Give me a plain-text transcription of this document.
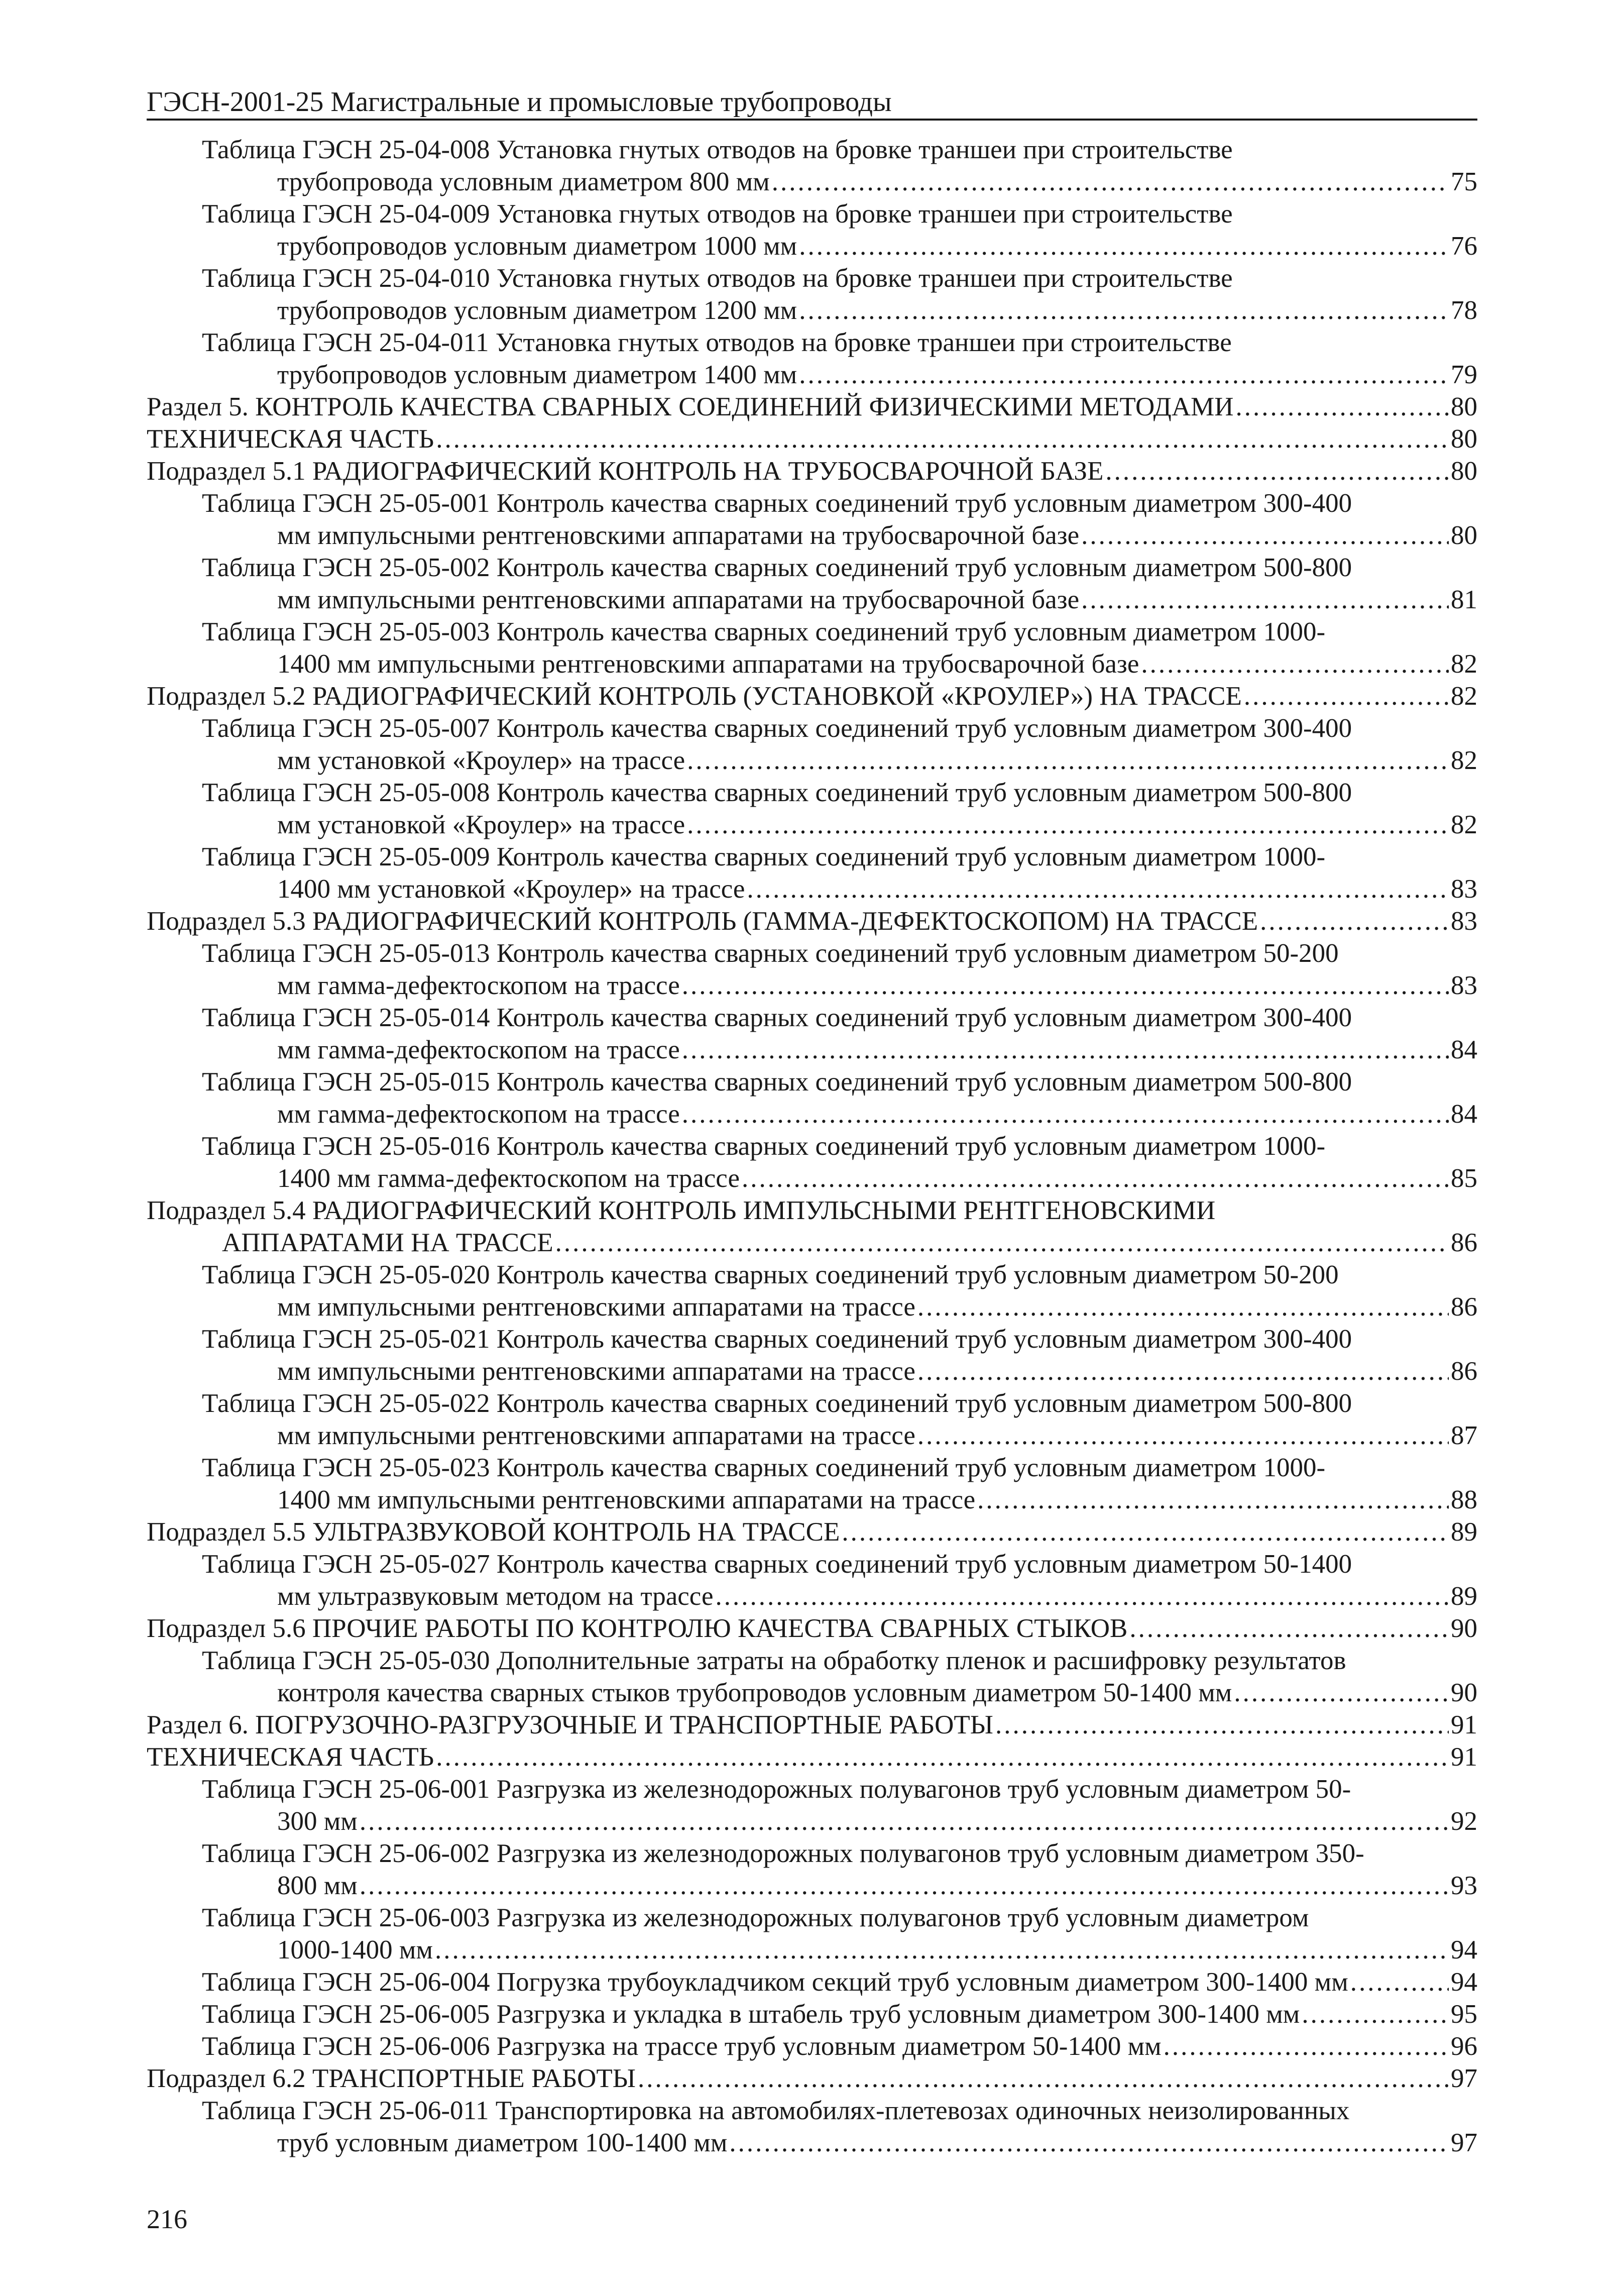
ГЭСН-2001-25 Магистральные и промысловые трубопроводы
Таблица ГЭСН 25-04-008 Установка гнутых отводов на бровке траншеи при строительстве
трубопровода условным диаметром 800 мм .....	75
Таблица ГЭСН 25-04-009 Установка гнутых отводов на бровке траншеи при строительстве
трубопроводов условным диаметром 1000 мм .....	76
Таблица ГЭСН 25-04-010 Установка гнутых отводов на бровке траншеи при строительстве
трубопроводов условным диаметром 1200 мм .....	78
Таблица ГЭСН 25-04-011 Установка гнутых отводов на бровке траншеи при строительстве
трубопроводов условным диаметром 1400 мм .....	79
Раздел 5. КОНТРОЛЬ КАЧЕСТВА СВАРНЫХ СОЕДИНЕНИЙ ФИЗИЧЕСКИМИ МЕТОДАМИ .....	80
ТЕХНИЧЕСКАЯ ЧАСТЬ .....	80
Подраздел 5.1 РАДИОГРАФИЧЕСКИЙ КОНТРОЛЬ НА ТРУБОСВАРОЧНОЙ БАЗЕ .....	80
Таблица ГЭСН 25-05-001 Контроль качества сварных соединений труб условным диаметром 300-400
мм импульсными рентгеновскими аппаратами на трубосварочной базе .....	80
Таблица ГЭСН 25-05-002 Контроль качества сварных соединений труб условным диаметром 500-800
мм импульсными рентгеновскими аппаратами на трубосварочной базе .....	81
Таблица ГЭСН 25-05-003 Контроль качества сварных соединений труб условным диаметром 1000-
1400 мм импульсными рентгеновскими аппаратами на трубосварочной базе .....	82
Подраздел 5.2 РАДИОГРАФИЧЕСКИЙ КОНТРОЛЬ (УСТАНОВКОЙ «КРОУЛЕР») НА ТРАССЕ .....	82
Таблица ГЭСН 25-05-007 Контроль качества сварных соединений труб условным диаметром 300-400
мм установкой «Кроулер» на трассе .....	82
Таблица ГЭСН 25-05-008 Контроль качества сварных соединений труб условным диаметром 500-800
мм установкой «Кроулер» на трассе .....	82
Таблица ГЭСН 25-05-009 Контроль качества сварных соединений труб условным диаметром 1000-
1400 мм установкой «Кроулер» на трассе .....	83
Подраздел 5.3 РАДИОГРАФИЧЕСКИЙ КОНТРОЛЬ (ГАММА-ДЕФЕКТОСКОПОМ) НА ТРАССЕ .....	83
Таблица ГЭСН 25-05-013 Контроль качества сварных соединений труб условным диаметром 50-200
мм гамма-дефектоскопом на трассе .....	83
Таблица ГЭСН 25-05-014 Контроль качества сварных соединений труб условным диаметром 300-400
мм гамма-дефектоскопом на трассе .....	84
Таблица ГЭСН 25-05-015 Контроль качества сварных соединений труб условным диаметром 500-800
мм гамма-дефектоскопом на трассе .....	84
Таблица ГЭСН 25-05-016 Контроль качества сварных соединений труб условным диаметром 1000-
1400 мм гамма-дефектоскопом на трассе .....	85
Подраздел 5.4 РАДИОГРАФИЧЕСКИЙ КОНТРОЛЬ ИМПУЛЬСНЫМИ РЕНТГЕНОВСКИМИ
АППАРАТАМИ НА ТРАССЕ .....	86
Таблица ГЭСН 25-05-020 Контроль качества сварных соединений труб условным диаметром 50-200
мм импульсными рентгеновскими аппаратами на трассе .....	86
Таблица ГЭСН 25-05-021 Контроль качества сварных соединений труб условным диаметром 300-400
мм импульсными рентгеновскими аппаратами на трассе .....	86
Таблица ГЭСН 25-05-022 Контроль качества сварных соединений труб условным диаметром 500-800
мм импульсными рентгеновскими аппаратами на трассе .....	87
Таблица ГЭСН 25-05-023 Контроль качества сварных соединений труб условным диаметром 1000-
1400 мм импульсными рентгеновскими аппаратами на трассе .....	88
Подраздел 5.5 УЛЬТРАЗВУКОВОЙ КОНТРОЛЬ НА ТРАССЕ .....	89
Таблица ГЭСН 25-05-027 Контроль качества сварных соединений труб условным диаметром 50-1400
мм ультразвуковым методом на трассе .....	89
Подраздел 5.6 ПРОЧИЕ РАБОТЫ ПО КОНТРОЛЮ КАЧЕСТВА СВАРНЫХ СТЫКОВ .....	90
Таблица ГЭСН 25-05-030 Дополнительные затраты на обработку пленок и расшифровку результатов
контроля качества сварных стыков трубопроводов условным диаметром 50-1400 мм .....	90
Раздел 6. ПОГРУЗОЧНО-РАЗГРУЗОЧНЫЕ И ТРАНСПОРТНЫЕ РАБОТЫ .....	91
ТЕХНИЧЕСКАЯ ЧАСТЬ .....	91
Таблица ГЭСН 25-06-001 Разгрузка из железнодорожных полувагонов труб условным диаметром 50-
300 мм .....	92
Таблица ГЭСН 25-06-002 Разгрузка из железнодорожных полувагонов труб условным диаметром 350-
800 мм .....	93
Таблица ГЭСН 25-06-003 Разгрузка из железнодорожных полувагонов труб условным диаметром
1000-1400 мм .....	94
Таблица ГЭСН 25-06-004 Погрузка трубоукладчиком секций труб условным диаметром 300-1400 мм .....	94
Таблица ГЭСН 25-06-005 Разгрузка и укладка в штабель труб условным диаметром 300-1400 мм .....	95
Таблица ГЭСН 25-06-006 Разгрузка на трассе труб условным диаметром 50-1400 мм .....	96
Подраздел 6.2 ТРАНСПОРТНЫЕ РАБОТЫ .....	97
Таблица ГЭСН 25-06-011 Транспортировка на автомобилях-плетевозах одиночных неизолированных
труб условным диаметром 100-1400 мм .....	97
216
